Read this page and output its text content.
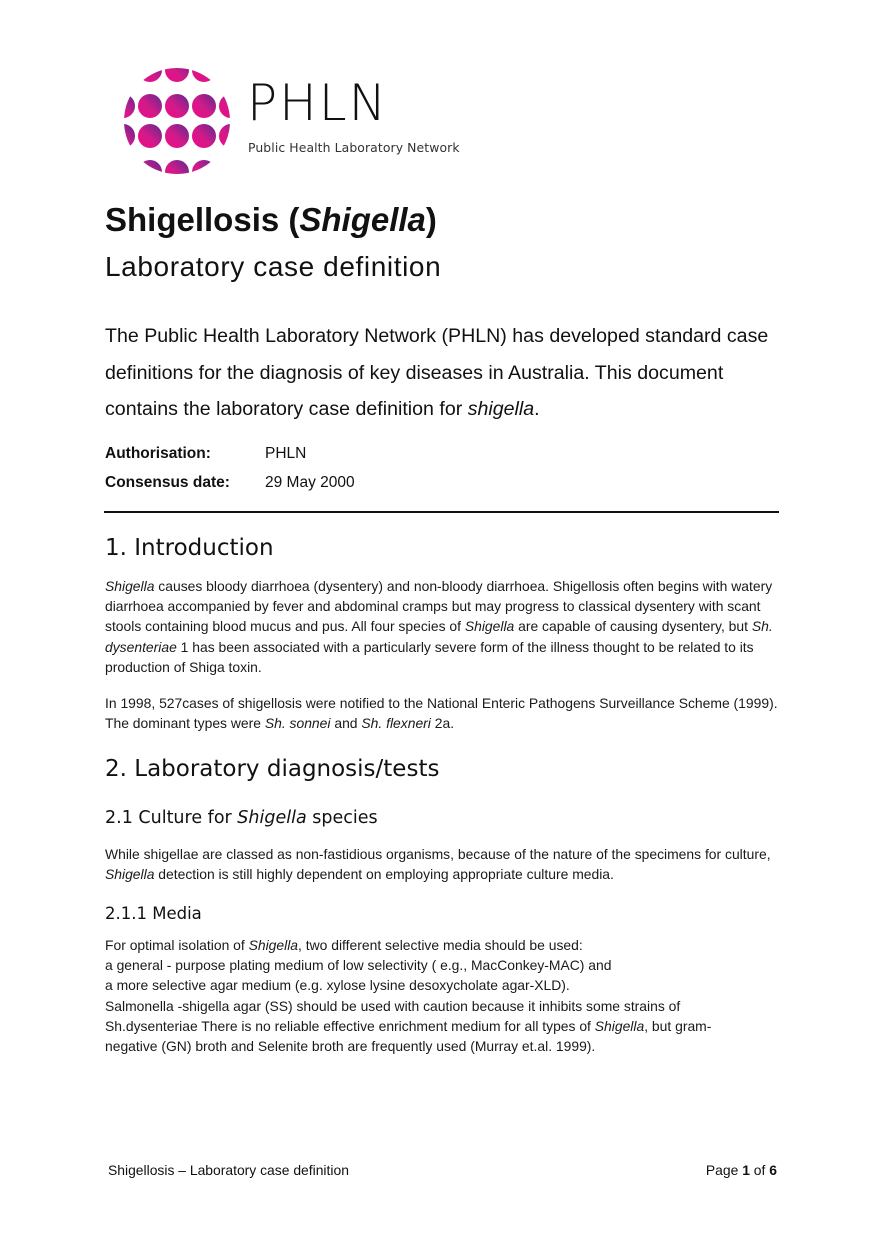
PHLN
Public Health Laboratory Network
Shigellosis (Shigella)
Laboratory case definition
The Public Health Laboratory Network (PHLN) has developed standard case definitions for the diagnosis of key diseases in Australia. This document contains the laboratory case definition for shigella.
Authorisation:	PHLN
Consensus date:	29 May 2000
1. Introduction
Shigella causes bloody diarrhoea (dysentery) and non-bloody diarrhoea. Shigellosis often begins with watery diarrhoea accompanied by fever and abdominal cramps but may progress to classical dysentery with scant stools containing blood mucus and pus. All four species of Shigella are capable of causing dysentery, but Sh. dysenteriae 1 has been associated with a particularly severe form of the illness thought to be related to its production of Shiga toxin.
In 1998, 527cases of shigellosis were notified to the National Enteric Pathogens Surveillance Scheme (1999). The dominant types were Sh. sonnei and Sh. flexneri 2a.
2. Laboratory diagnosis/tests
2.1 Culture for Shigella species
While shigellae are classed as non-fastidious organisms, because of the nature of the specimens for culture, Shigella detection is still highly dependent on employing appropriate culture media.
2.1.1 Media
For optimal isolation of Shigella, two different selective media should be used:
a general - purpose plating medium of low selectivity ( e.g., MacConkey-MAC) and
a more selective agar medium (e.g. xylose lysine desoxycholate agar-XLD).
Salmonella -shigella agar (SS) should be used with caution because it inhibits some strains of
Sh.dysenteriae There is no reliable effective enrichment medium for all types of Shigella, but gram-
negative (GN) broth and Selenite broth are frequently used (Murray et.al. 1999).
Shigellosis – Laboratory case definition	Page 1 of 6
